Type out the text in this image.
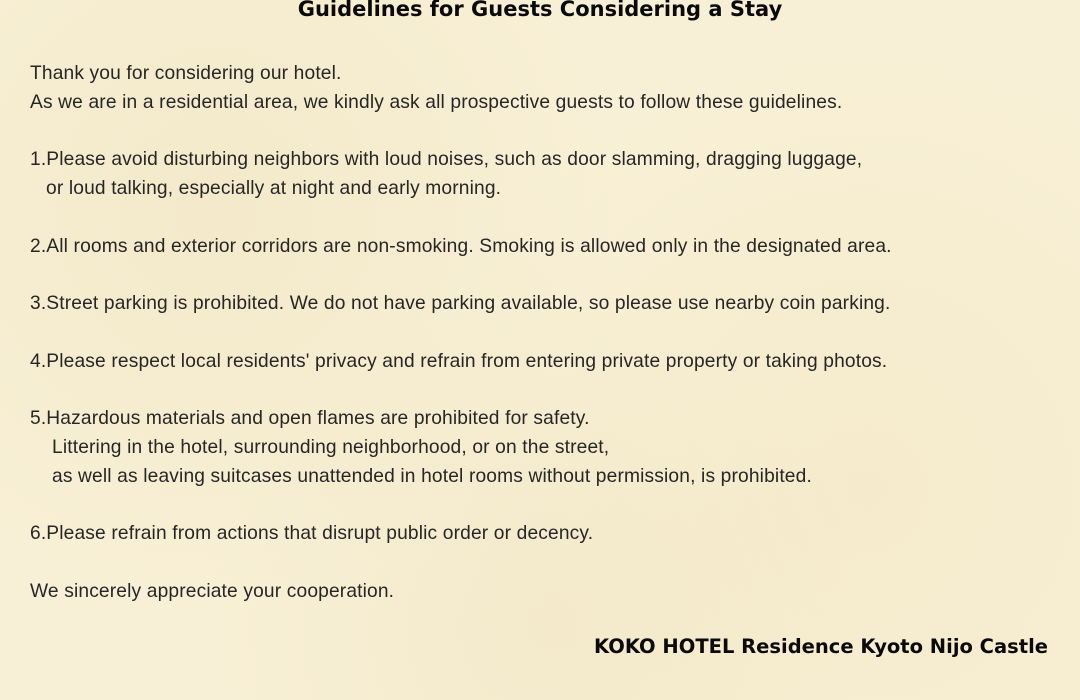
Guidelines for Guests Considering a Stay
Thank you for considering our hotel.
As we are in a residential area, we kindly ask all prospective guests to follow these guidelines.
1.Please avoid disturbing neighbors with loud noises, such as door slamming, dragging luggage,
or loud talking, especially at night and early morning.
2.All rooms and exterior corridors are non-smoking. Smoking is allowed only in the designated area.
3.Street parking is prohibited. We do not have parking available, so please use nearby coin parking.
4.Please respect local residents' privacy and refrain from entering private property or taking photos.
5.Hazardous materials and open flames are prohibited for safety.
Littering in the hotel, surrounding neighborhood, or on the street,
as well as leaving suitcases unattended in hotel rooms without permission, is prohibited.
6.Please refrain from actions that disrupt public order or decency.
We sincerely appreciate your cooperation.
KOKO HOTEL Residence Kyoto Nijo Castle
